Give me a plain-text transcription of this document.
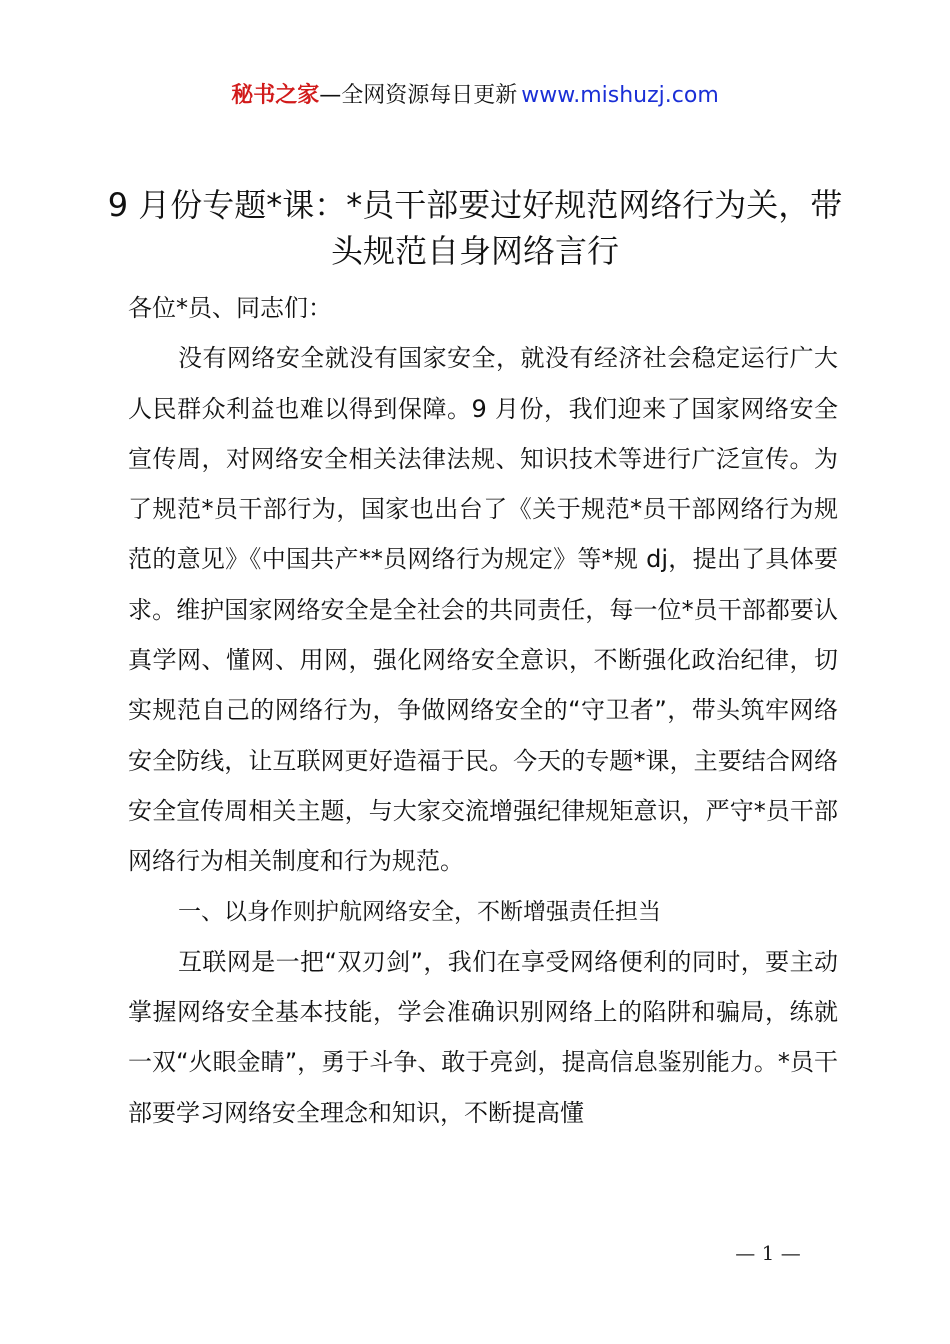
秘书之家—全网资源每日更新 www.mishuzj.com
9 月份专题*课：*员干部要过好规范网络行为关，带头规范自身网络言行

各位*员、同志们：

没有网络安全就没有国家安全，就没有经济社会稳定运行广大人民群众利益也难以得到保障。9 月份，我们迎来了国家网络安全宣传周，对网络安全相关法律法规、知识技术等进行广泛宣传。为了规范*员干部行为，国家也出台了《关于规范*员干部网络行为规范的意见》《中国共产**员网络行为规定》等*规 dj，提出了具体要求。维护国家网络安全是全社会的共同责任，每一位*员干部都要认真学网、懂网、用网，强化网络安全意识，不断强化政治纪律，切实规范自己的网络行为，争做网络安全的“守卫者”，带头筑牢网络安全防线，让互联网更好造福于民。今天的专题*课，主要结合网络安全宣传周相关主题，与大家交流增强纪律规矩意识，严守*员干部网络行为相关制度和行为规范。

一、以身作则护航网络安全，不断增强责任担当

互联网是一把“双刃剑”，我们在享受网络便利的同时，要主动掌握网络安全基本技能，学会准确识别网络上的陷阱和骗局，练就一双“火眼金睛”，勇于斗争、敢于亮剑，提高信息鉴别能力。*员干部要学习网络安全理念和知识，不断提高懂

— 1 —
